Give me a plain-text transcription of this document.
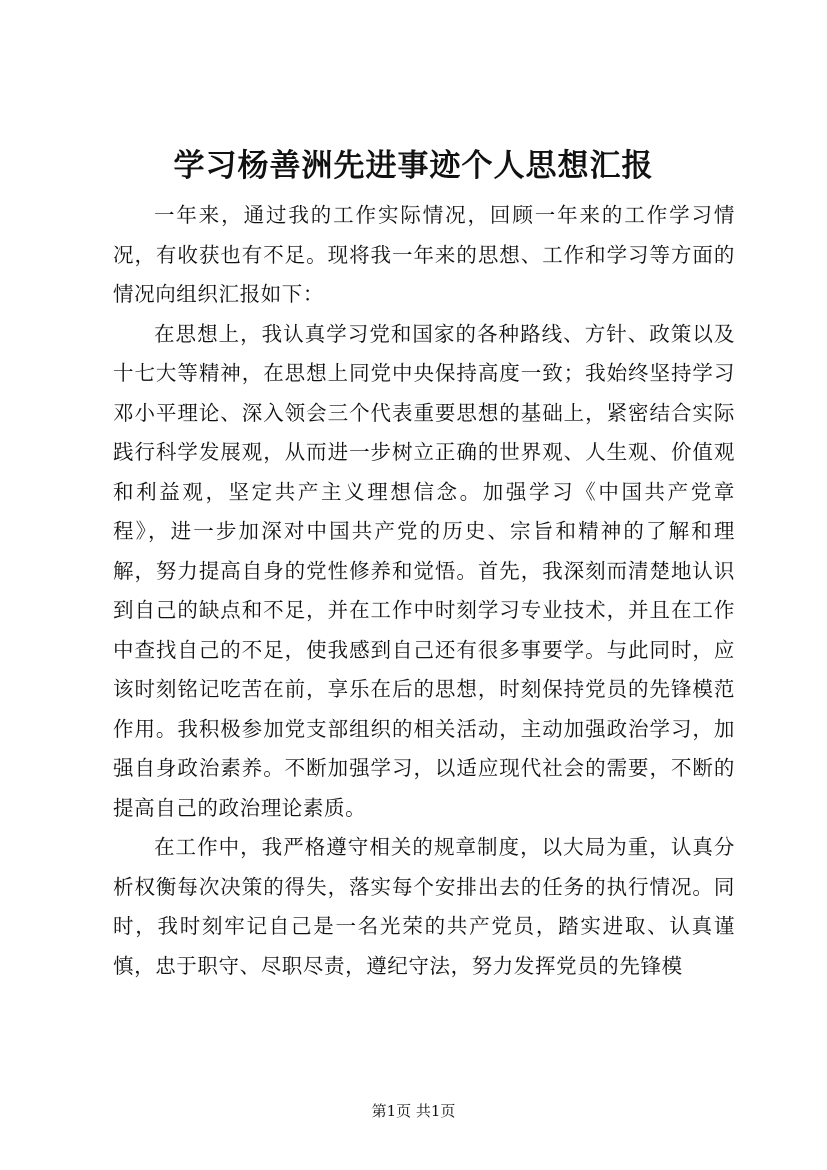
学习杨善洲先进事迹个人思想汇报

一年来，通过我的工作实际情况，回顾一年来的工作学习情况，有收获也有不足。现将我一年来的思想、工作和学习等方面的情况向组织汇报如下：

在思想上，我认真学习党和国家的各种路线、方针、政策以及十七大等精神，在思想上同党中央保持高度一致；我始终坚持学习邓小平理论、深入领会三个代表重要思想的基础上，紧密结合实际践行科学发展观，从而进一步树立正确的世界观、人生观、价值观和利益观，坚定共产主义理想信念。加强学习《中国共产党章程》，进一步加深对中国共产党的历史、宗旨和精神的了解和理解，努力提高自身的党性修养和觉悟。首先，我深刻而清楚地认识到自己的缺点和不足，并在工作中时刻学习专业技术，并且在工作中查找自己的不足，使我感到自己还有很多事要学。与此同时，应该时刻铭记吃苦在前，享乐在后的思想，时刻保持党员的先锋模范作用。我积极参加党支部组织的相关活动，主动加强政治学习，加强自身政治素养。不断加强学习，以适应现代社会的需要，不断的提高自己的政治理论素质。

在工作中，我严格遵守相关的规章制度，以大局为重，认真分析权衡每次决策的得失，落实每个安排出去的任务的执行情况。同时，我时刻牢记自己是一名光荣的共产党员，踏实进取、认真谨慎，忠于职守、尽职尽责，遵纪守法，努力发挥党员的先锋模

第1页 共1页
